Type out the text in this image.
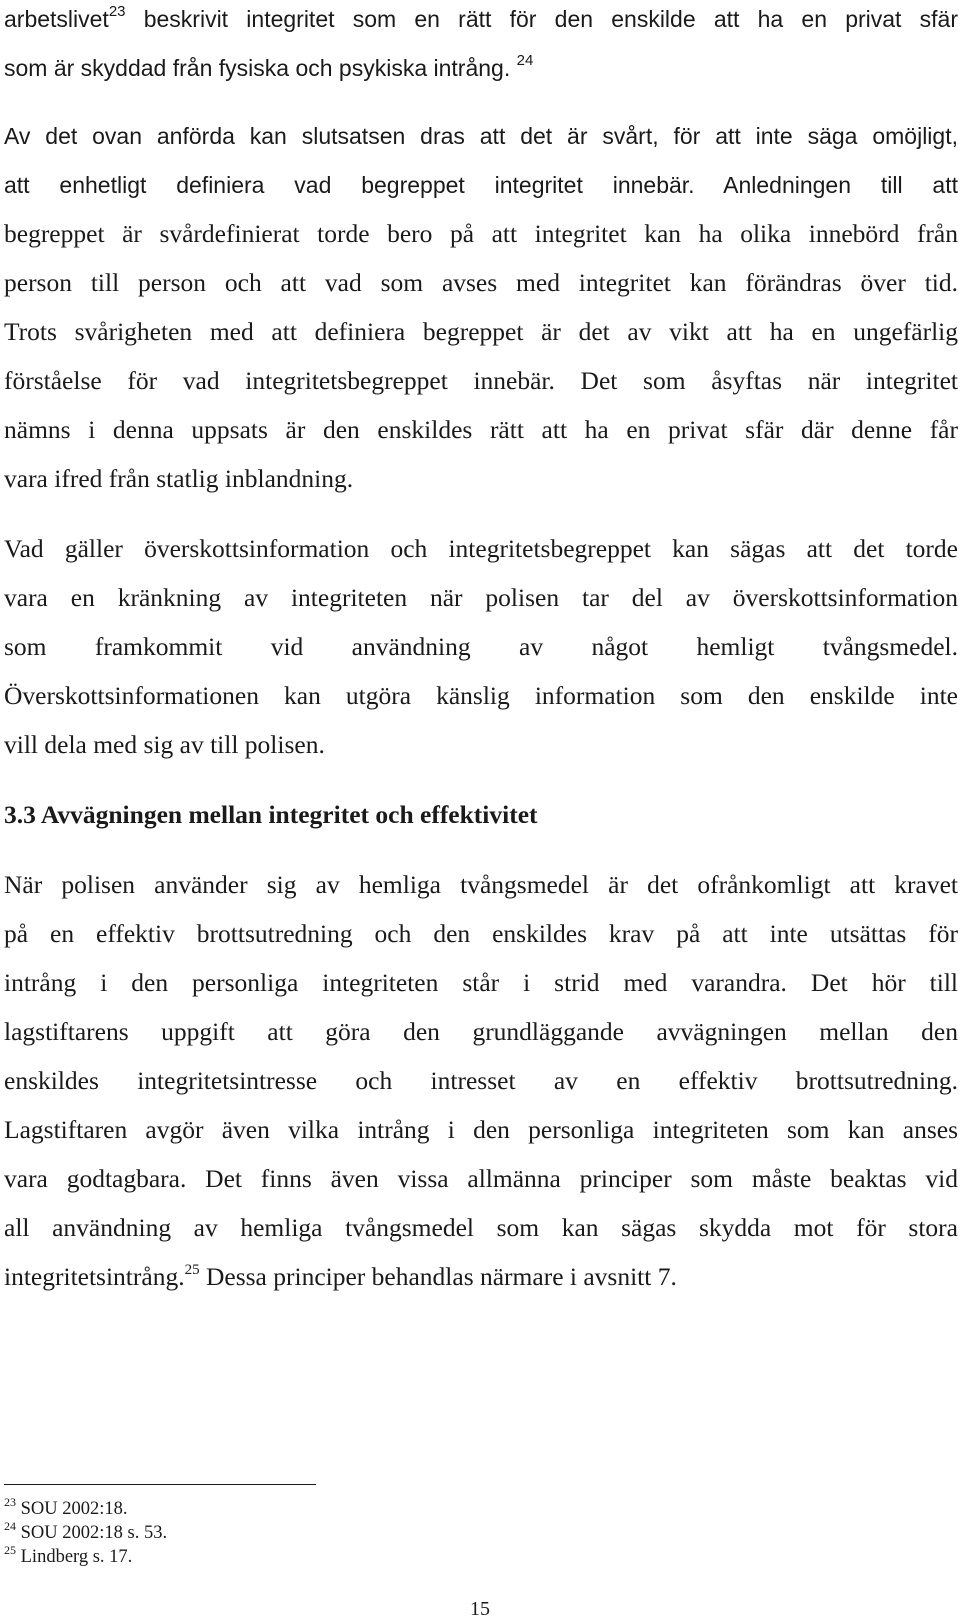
arbetslivet$^{23}$ beskrivit integritet som en rätt för den enskilde att ha en privat sfär
som är skyddad från fysiska och psykiska intrång. $^{24}$
Av det ovan anförda kan slutsatsen dras att det är svårt, för att inte säga omöjligt,
att enhetligt definiera vad begreppet integritet innebär. Anledningen till att
begreppet är svårdefinierat torde bero på att integritet kan ha olika innebörd från
person till person och att vad som avses med integritet kan förändras över tid.
Trots svårigheten med att definiera begreppet är det av vikt att ha en ungefärlig
förståelse för vad integritetsbegreppet innebär. Det som åsyftas när integritet
nämns i denna uppsats är den enskildes rätt att ha en privat sfär där denne får
vara ifred från statlig inblandning.
Vad gäller överskottsinformation och integritetsbegreppet kan sägas att det torde
vara en kränkning av integriteten när polisen tar del av överskottsinformation
som framkommit vid användning av något hemligt tvångsmedel.
Överskottsinformationen kan utgöra känslig information som den enskilde inte
vill dela med sig av till polisen.
3.3 Avvägningen mellan integritet och effektivitet
När polisen använder sig av hemliga tvångsmedel är det ofrånkomligt att kravet
på en effektiv brottsutredning och den enskildes krav på att inte utsättas för
intrång i den personliga integriteten står i strid med varandra. Det hör till
lagstiftarens uppgift att göra den grundläggande avvägningen mellan den
enskildes integritetsintresse och intresset av en effektiv brottsutredning.
Lagstiftaren avgör även vilka intrång i den personliga integriteten som kan anses
vara godtagbara. Det finns även vissa allmänna principer som måste beaktas vid
all användning av hemliga tvångsmedel som kan sägas skydda mot för stora
integritetsintrång.$^{25}$ Dessa principer behandlas närmare i avsnitt 7.
$^{23}$ SOU 2002:18.
$^{24}$ SOU 2002:18 s. 53.
$^{25}$ Lindberg s. 17.
15
